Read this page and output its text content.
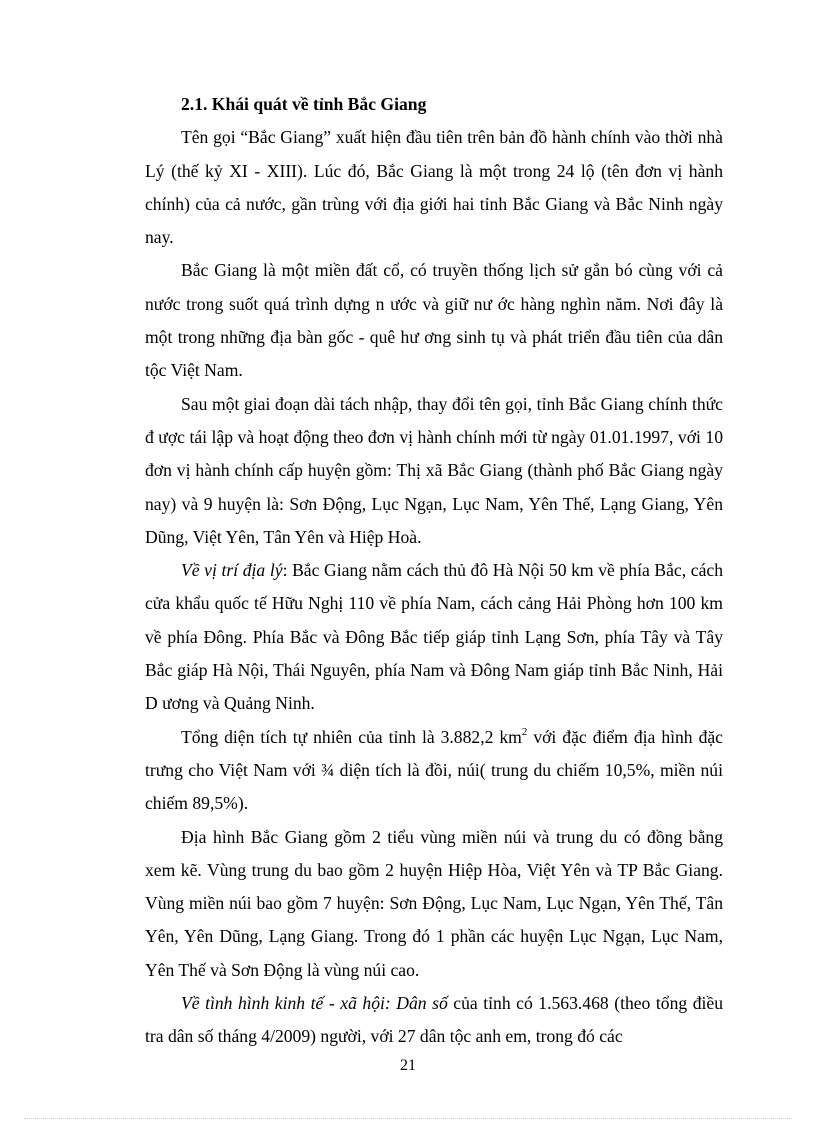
2.1. Khái quát về tỉnh Bắc Giang

Tên gọi “Bắc Giang” xuất hiện đầu tiên trên bản đồ hành chính vào thời nhà Lý (thế kỷ XI - XIII). Lúc đó, Bắc Giang là một trong 24 lộ (tên đơn vị hành chính) của cả nước, gần trùng với địa giới hai tỉnh Bắc Giang và Bắc Ninh ngày nay.

Bắc Giang là một miền đất cổ, có truyền thống lịch sử gắn bó cùng với cả nước trong suốt quá trình dựng n ước và giữ nư ớc hàng nghìn năm. Nơi đây là một trong những địa bàn gốc - quê hư ơng sinh tụ và phát triển đầu tiên của dân tộc Việt Nam.

Sau một giai đoạn dài tách nhập, thay đổi tên gọi, tỉnh Bắc Giang chính thức đ ược tái lập và hoạt động theo đơn vị hành chính mới từ ngày 01.01.1997, với 10 đơn vị hành chính cấp huyện gồm: Thị xã Bắc Giang (thành phố Bắc Giang ngày nay) và 9 huyện là: Sơn Động, Lục Ngạn, Lục Nam, Yên Thế, Lạng Giang, Yên Dũng, Việt Yên, Tân Yên và Hiệp Hoà.

Về vị trí địa lý: Bắc Giang nằm cách thủ đô Hà Nội 50 km về phía Bắc, cách cửa khẩu quốc tế Hữu Nghị 110 về phía Nam, cách cảng Hải Phòng hơn 100 km về phía Đông. Phía Bắc và Đông Bắc tiếp giáp tỉnh Lạng Sơn, phía Tây và Tây Bắc giáp Hà Nội, Thái Nguyên, phía Nam và Đông Nam giáp tỉnh Bắc Ninh, Hải D ương và Quảng Ninh.

Tổng diện tích tự nhiên của tỉnh là 3.882,2 $km^2$ với đặc điểm địa hình đặc trưng cho Việt Nam với ¾ diện tích là đồi, núi( trung du chiếm 10,5%, miền núi chiếm 89,5%).

Địa hình Bắc Giang gồm 2 tiểu vùng miền núi và trung du có đồng bằng xem kẽ. Vùng trung du bao gồm 2 huyện Hiệp Hòa, Việt Yên và TP Bắc Giang. Vùng miền núi bao gồm 7 huyện: Sơn Động, Lục Nam, Lục Ngạn, Yên Thế, Tân Yên, Yên Dũng, Lạng Giang. Trong đó 1 phần các huyện Lục Ngạn, Lục Nam, Yên Thế và Sơn Động là vùng núi cao.

Về tình hình kinh tế - xã hội: Dân số của tỉnh có 1.563.468 (theo tổng điều tra dân số tháng 4/2009) người, với 27 dân tộc anh em, trong đó các

21
